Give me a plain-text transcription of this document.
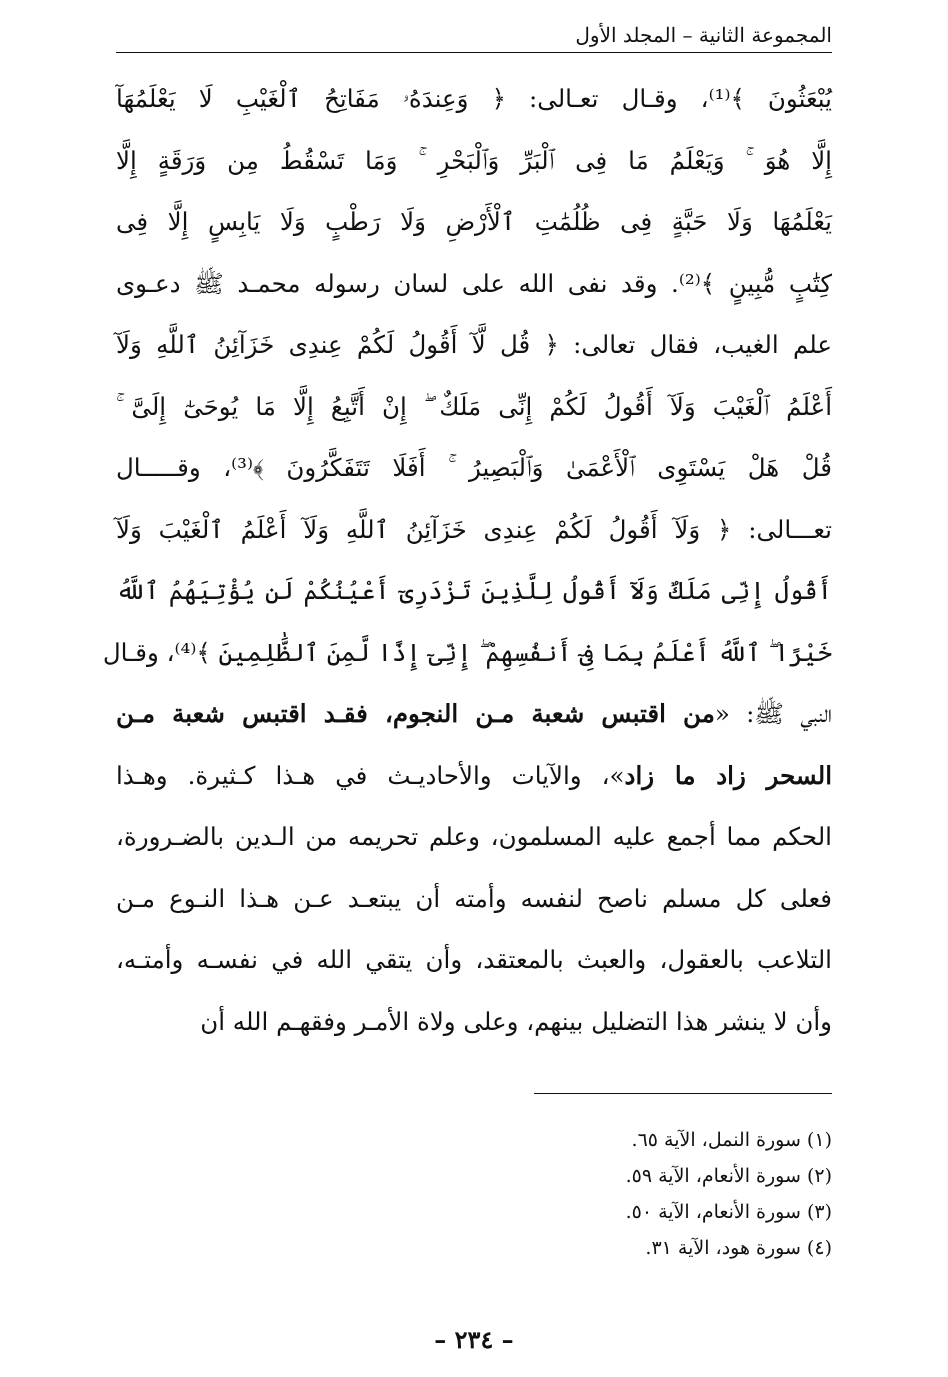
المجموعة الثانية – المجلد الأول
يُبْعَثُونَ ﴾⁽¹⁾، وقـال تعـالى: ﴿ وَعِندَهُۥ مَفَاتِحُ ٱلْغَيْبِ لَا يَعْلَمُهَآ
إِلَّا هُوَ ۚ وَيَعْلَمُ مَا فِى ٱلْبَرِّ وَٱلْبَحْرِ ۚ وَمَا تَسْقُطُ مِن وَرَقَةٍ إِلَّا
يَعْلَمُهَا وَلَا حَبَّةٍ فِى ظُلُمَٰتِ ٱلْأَرْضِ وَلَا رَطْبٍ وَلَا يَابِسٍ إِلَّا فِى
كِتَٰبٍ مُّبِينٍ ﴾⁽²⁾. وقد نفى الله على لسان رسوله محمـد ﷺ دعـوى
علم الغيب، فقال تعالى: ﴿ قُل لَّآ أَقُولُ لَكُمْ عِندِى خَزَآئِنُ ٱللَّهِ وَلَآ
أَعْلَمُ ٱلْغَيْبَ وَلَآ أَقُولُ لَكُمْ إِنِّى مَلَكٌ ۖ إِنْ أَتَّبِعُ إِلَّا مَا يُوحَىٰٓ إِلَىَّ ۚ
قُلْ هَلْ يَسْتَوِى ٱلْأَعْمَىٰ وَٱلْبَصِيرُ ۚ أَفَلَا تَتَفَكَّرُونَ ﴾⁽³⁾، وقـــــال
تعـــالى: ﴿ وَلَآ أَقُولُ لَكُمْ عِندِى خَزَآئِنُ ٱللَّهِ وَلَآ أَعْلَمُ ٱلْغَيْبَ وَلَآ
أَقُولُ إِنِّى مَلَكٌ وَلَآ أَقُولُ لِلَّذِينَ تَزْدَرِىٓ أَعْيُنُكُمْ لَن يُؤْتِيَهُمُ ٱللَّهُ
خَيْرًا ۖ ٱللَّهُ أَعْلَمُ بِمَا فِىٓ أَنفُسِهِمْ ۖ إِنِّىٓ إِذًا لَّمِنَ ٱلظَّٰلِمِينَ ﴾⁽⁴⁾، وقـال
النبي ﷺ: «من اقتبس شعبة مـن النجوم، فقـد اقتبس شعبة مـن
السحر زاد ما زاد»، والآيات والأحاديـث في هـذا كـثيرة. وهـذا
الحكم مما أجمع عليه المسلمون، وعلم تحريمه من الـدين بالضـرورة،
فعلى كل مسلم ناصح لنفسه وأمته أن يبتعـد عـن هـذا النـوع مـن
التلاعب بالعقول، والعبث بالمعتقد، وأن يتقي الله في نفسـه وأمتـه،
وأن لا ينشر هذا التضليل بينهم، وعلى ولاة الأمـر وفقهـم الله أن
(١) سورة النمل، الآية ٦٥.
(٢) سورة الأنعام، الآية ٥٩.
(٣) سورة الأنعام، الآية ٥٠.
(٤) سورة هود، الآية ٣١.
– ٢٣٤ –
